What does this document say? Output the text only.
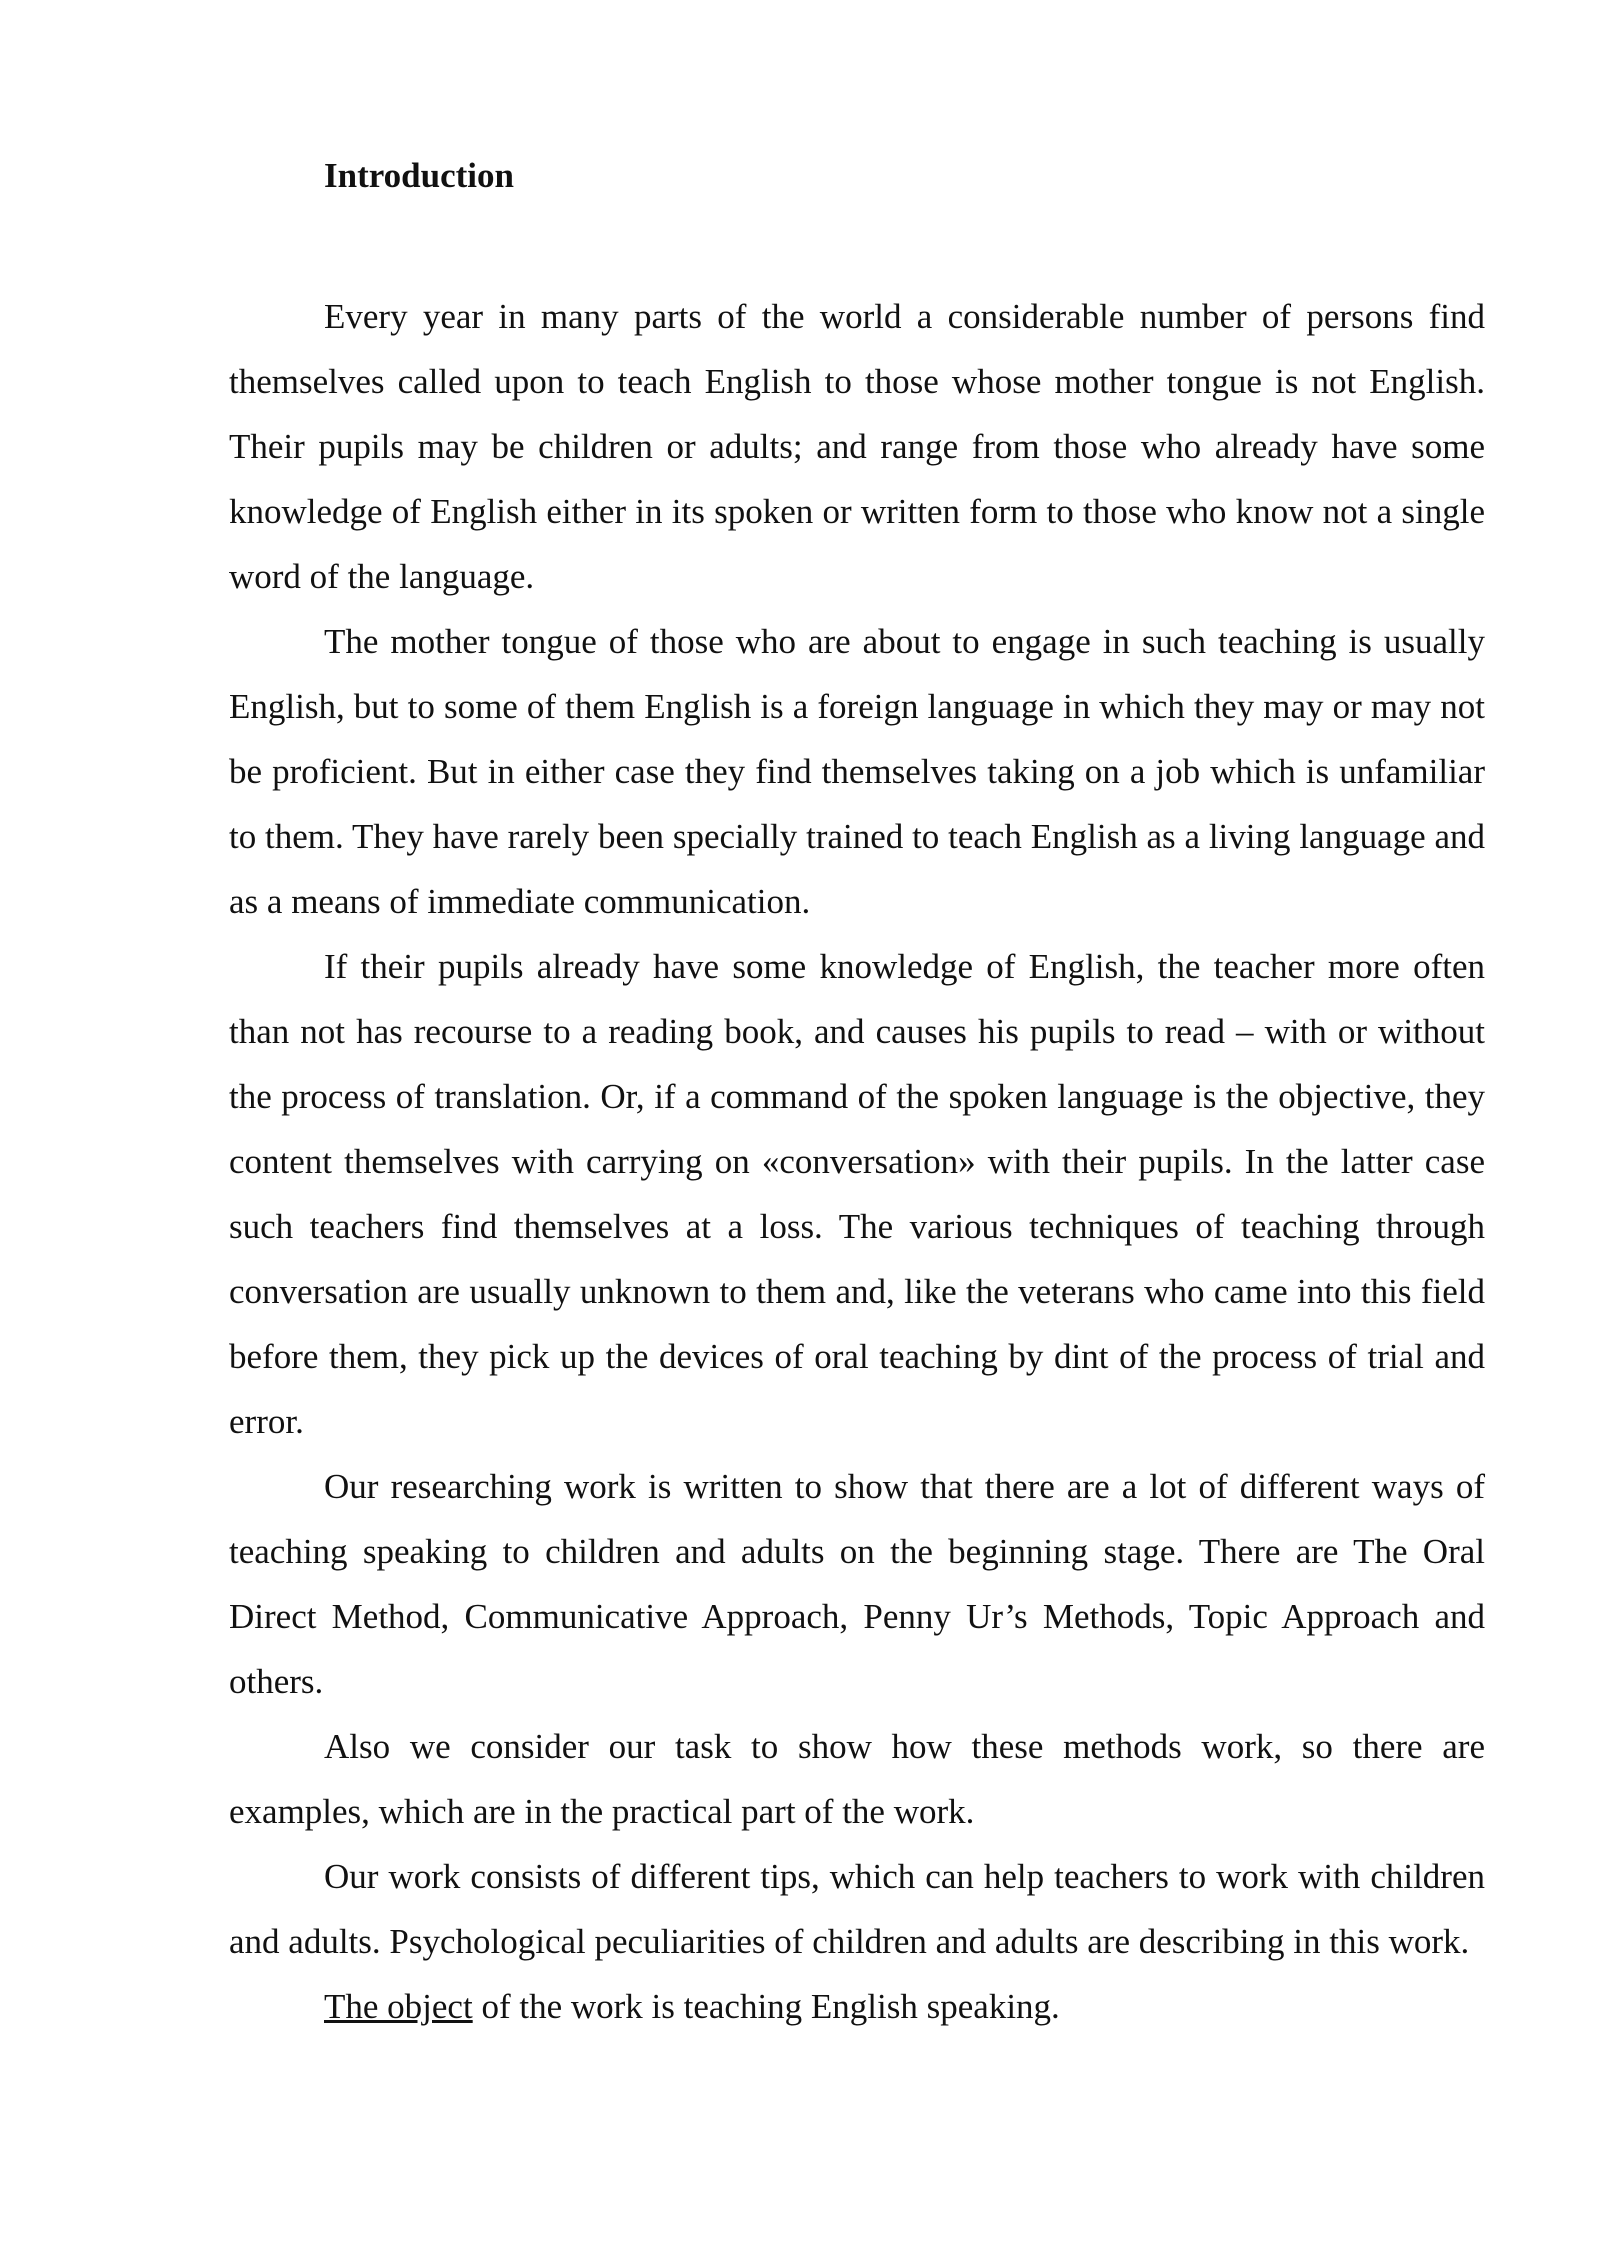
Introduction

Every year in many parts of the world a considerable number of persons find themselves called upon to teach English to those whose mother tongue is not English. Their pupils may be children or adults; and range from those who already have some knowledge of English either in its spoken or written form to those who know not a single word of the language.

The mother tongue of those who are about to engage in such teaching is usually English, but to some of them English is a foreign language in which they may or may not be proficient. But in either case they find themselves taking on a job which is unfamiliar to them. They have rarely been specially trained to teach English as a living language and as a means of immediate communication.

If their pupils already have some knowledge of English, the teacher more often than not has recourse to a reading book, and causes his pupils to read – with or without the process of translation. Or, if a command of the spoken language is the objective, they content themselves with carrying on «conversation» with their pupils. In the latter case such teachers find themselves at a loss. The various techniques of teaching through conversation are usually unknown to them and, like the veterans who came into this field before them, they pick up the devices of oral teaching by dint of the process of trial and error.

Our researching work is written to show that there are a lot of different ways of teaching speaking to children and adults on the beginning stage. There are The Oral Direct Method, Communicative Approach, Penny Ur’s Methods, Topic Approach and others.

Also we consider our task to show how these methods work, so there are examples, which are in the practical part of the work.

Our work consists of different tips, which can help teachers to work with children and adults. Psychological peculiarities of children and adults are describing in this work.

The object of the work is teaching English speaking.
